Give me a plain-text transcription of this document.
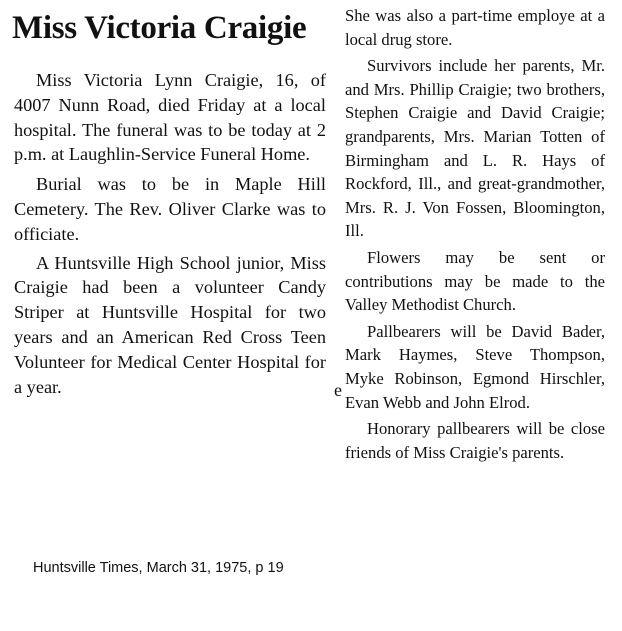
Miss Victoria Craigie

Miss Victoria Lynn Craigie, 16, of 4007 Nunn Road, died Friday at a local hospital. The funeral was to be today at 2 p.m. at Laughlin-Service Funeral Home.

Burial was to be in Maple Hill Cemetery. The Rev. Oliver Clarke was to officiate.

A Huntsville High School junior, Miss Craigie had been a volunteer Candy Striper at Huntsville Hospital for two years and an American Red Cross Teen Volunteer for Medical Center Hospital for a year.	e

She was also a part-time employe at a local drug store.

Survivors include her parents, Mr. and Mrs. Phillip Craigie; two brothers, Stephen Craigie and David Craigie; grandparents, Mrs. Marian Totten of Birmingham and L. R. Hays of Rockford, Ill., and great-grandmother, Mrs. R. J. Von Fossen, Bloomington, Ill.

Flowers may be sent or contributions may be made to the Valley Methodist Church.

Pallbearers will be David Bader, Mark Haymes, Steve Thompson, Myke Robinson, Egmond Hirschler, Evan Webb and John Elrod.

Honorary pallbearers will be close friends of Miss Craigie's parents.

Huntsville Times, March 31, 1975, p 19
